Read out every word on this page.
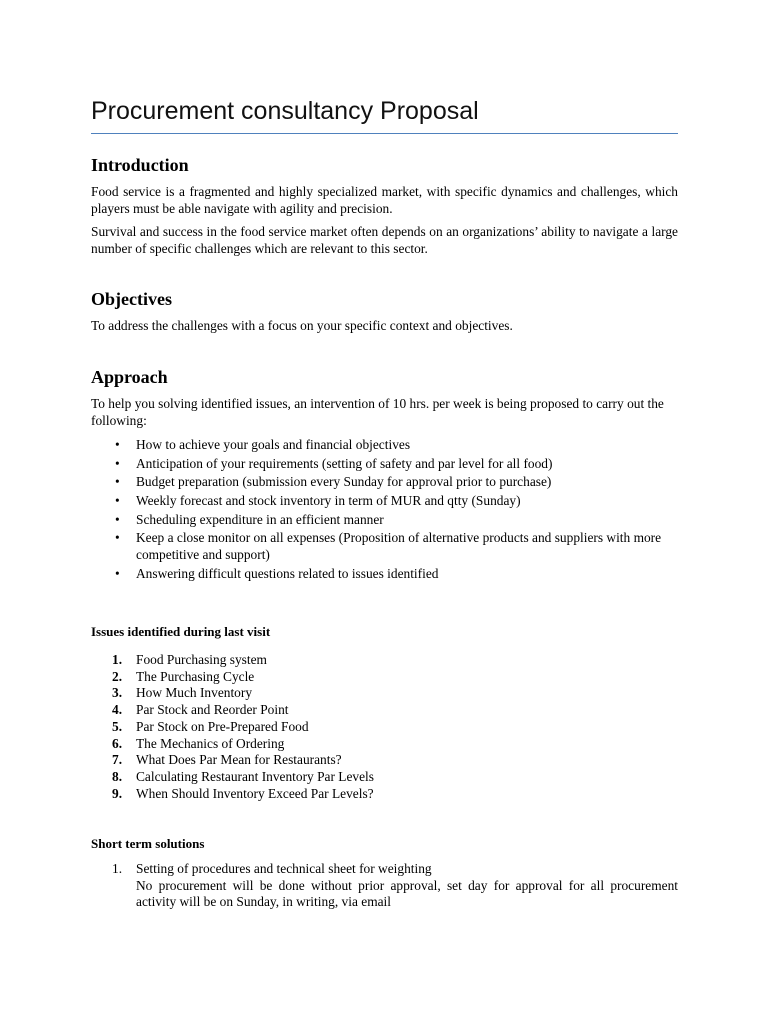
Procurement consultancy Proposal
Introduction

Food service is a fragmented and highly specialized market, with specific dynamics and challenges, which players must be able navigate with agility and precision.

Survival and success in the food service market often depends on an organizations’ ability to navigate a large number of specific challenges which are relevant to this sector.

Objectives

To address the challenges with a focus on your specific context and objectives.

Approach

To help you solving identified issues, an intervention of 10 hrs. per week is being proposed to carry out the following:

• How to achieve your goals and financial objectives
• Anticipation of your requirements (setting of safety and par level for all food)
• Budget preparation (submission every Sunday for approval prior to purchase)
• Weekly forecast and stock inventory in term of MUR and qtty (Sunday)
• Scheduling expenditure in an efficient manner
• Keep a close monitor on all expenses (Proposition of alternative products and suppliers with more competitive and support)
• Answering difficult questions related to issues identified
Issues identified during last visit
1. Food Purchasing system
2. The Purchasing Cycle
3. How Much Inventory
4. Par Stock and Reorder Point
5. Par Stock on Pre-Prepared Food
6. The Mechanics of Ordering
7. What Does Par Mean for Restaurants?
8. Calculating Restaurant Inventory Par Levels
9. When Should Inventory Exceed Par Levels?
Short term solutions
1. Setting of procedures and technical sheet for weighting
No procurement will be done without prior approval, set day for approval for all procurement activity will be on Sunday, in writing, via email
